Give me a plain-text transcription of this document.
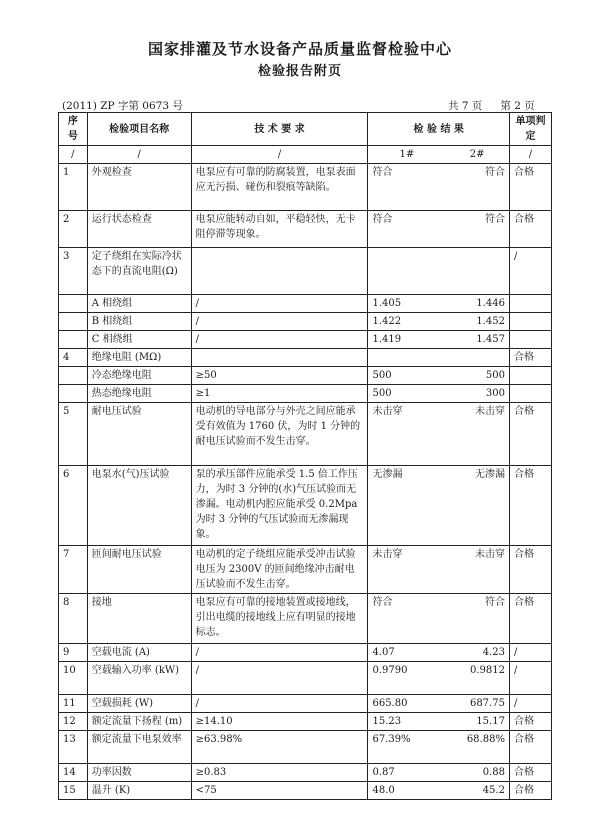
国家排灌及节水设备产品质量监督检验中心
检验报告附页
(2011) ZP 字第 0673 号	共 7 页 第 2 页
序号	检验项目名称	技 术 要 求	检 验 结 果		单项判定
/	/	/	1#	2#	/
1	外观检查	电泵应有可靠的防腐装置，电泵表面应无污损、碰伤和裂痕等缺陷。	符合	符合	合格
2	运行状态检查	电泵应能转动自如，平稳轻快，无卡阻停滞等现象。	符合	符合	合格
3	定子绕组在实际冷状态下的直流电阻(Ω)				/
	A 相绕组	/	1.405	1.446	
	B 相绕组	/	1.422	1.452	
	C 相绕组	/	1.419	1.457	
4	绝缘电阻 (MΩ)				合格
	冷态绝缘电阻	≥50	500	500	
	热态绝缘电阻	≥1	500	300	
5	耐电压试验	电动机的导电部分与外壳之间应能承受有效值为 1760 伏，为时 1 分钟的耐电压试验而不发生击穿。	未击穿	未击穿	合格
6	电泵水(气)压试验	泵的承压部件应能承受 1.5 倍工作压力，为时 3 分钟的(水)气压试验而无渗漏。电动机内腔应能承受 0.2Mpa 为时 3 分钟的气压试验而无渗漏现象。	无渗漏	无渗漏	合格
7	匝间耐电压试验	电动机的定子绕组应能承受冲击试验电压为 2300V 的匝间绝缘冲击耐电压试验而不发生击穿。	未击穿	未击穿	合格
8	接地	电泵应有可靠的接地装置或接地线，引出电缆的接地线上应有明显的接地标志。	符合	符合	合格
9	空载电流 (A)	/	4.07	4.23	/
10	空载输入功率 (kW)	/	0.9790	0.9812	/
11	空载损耗 (W)	/	665.80	687.75	/
12	额定流量下扬程 (m)	≥14.10	15.23	15.17	合格
13	额定流量下电泵效率	≥63.98%	67.39%	68.88%	合格
14	功率因数	≥0.83	0.87	0.88	合格
15	温升 (K)	<75	48.0	45.2	合格
